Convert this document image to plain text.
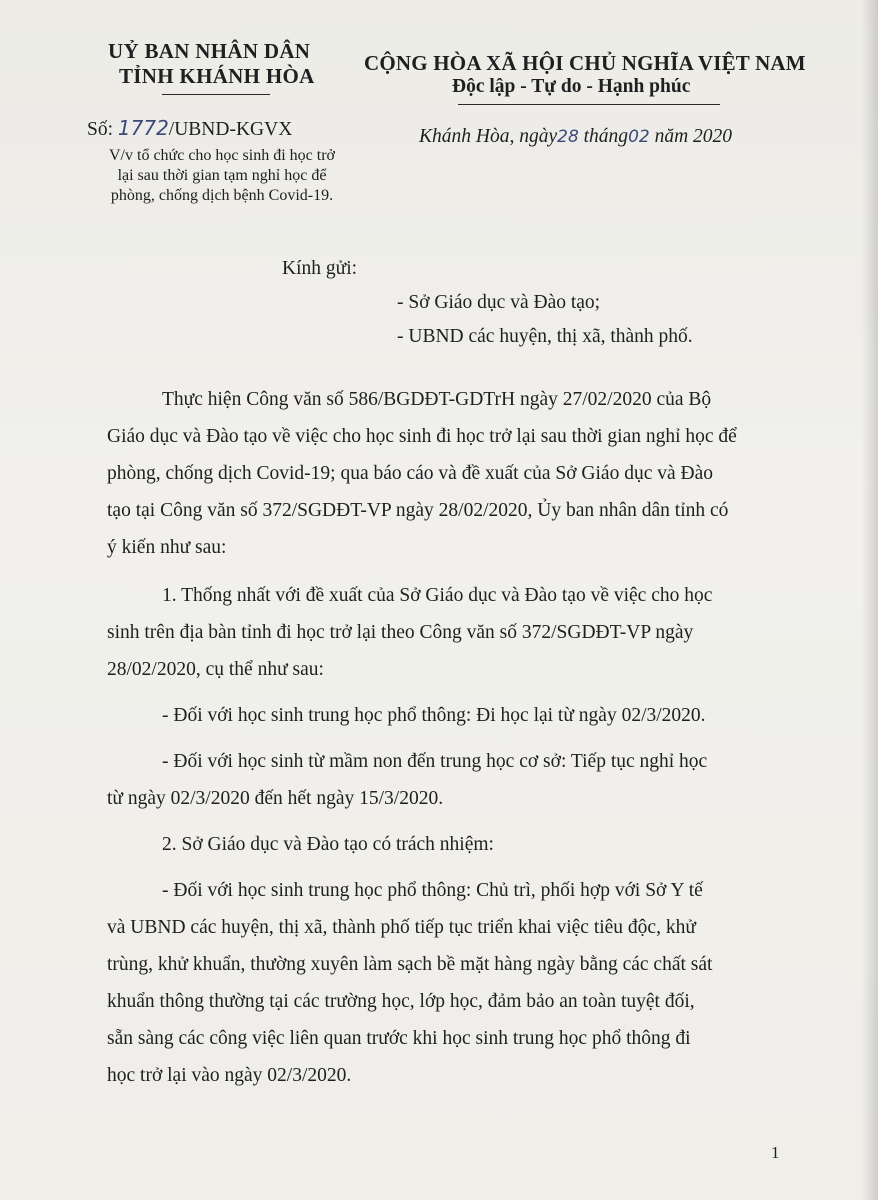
UỶ BAN NHÂN DÂN
TỈNH KHÁNH HÒA
CỘNG HÒA XÃ HỘI CHỦ NGHĨA VIỆT NAM
Độc lập - Tự do - Hạnh phúc
Số: 1772/UBND-KGVX
V/v tổ chức cho học sinh đi học trở
lại sau thời gian tạm nghỉ học để
phòng, chống dịch bệnh Covid-19.
Khánh Hòa, ngày28 tháng02 năm 2020
Kính gửi:
- Sở Giáo dục và Đào tạo;
- UBND các huyện, thị xã, thành phố.
Thực hiện Công văn số 586/BGDĐT-GDTrH ngày 27/02/2020 của Bộ
Giáo dục và Đào tạo về việc cho học sinh đi học trở lại sau thời gian nghỉ học để
phòng, chống dịch Covid-19; qua báo cáo và đề xuất của Sở Giáo dục và Đào
tạo tại Công văn số 372/SGDĐT-VP ngày 28/02/2020, Ủy ban nhân dân tỉnh có
ý kiến như sau:
1. Thống nhất với đề xuất của Sở Giáo dục và Đào tạo về việc cho học
sinh trên địa bàn tỉnh đi học trở lại theo Công văn số 372/SGDĐT-VP ngày
28/02/2020, cụ thể như sau:
- Đối với học sinh trung học phổ thông: Đi học lại từ ngày 02/3/2020.
- Đối với học sinh từ mầm non đến trung học cơ sở: Tiếp tục nghỉ học
từ ngày 02/3/2020 đến hết ngày 15/3/2020.
2. Sở Giáo dục và Đào tạo có trách nhiệm:
- Đối với học sinh trung học phổ thông: Chủ trì, phối hợp với Sở Y tế
và UBND các huyện, thị xã, thành phố tiếp tục triển khai việc tiêu độc, khử
trùng, khử khuẩn, thường xuyên làm sạch bề mặt hàng ngày bằng các chất sát
khuẩn thông thường tại các trường học, lớp học, đảm bảo an toàn tuyệt đối,
sẵn sàng các công việc liên quan trước khi học sinh trung học phổ thông đi
học trở lại vào ngày 02/3/2020.
1
